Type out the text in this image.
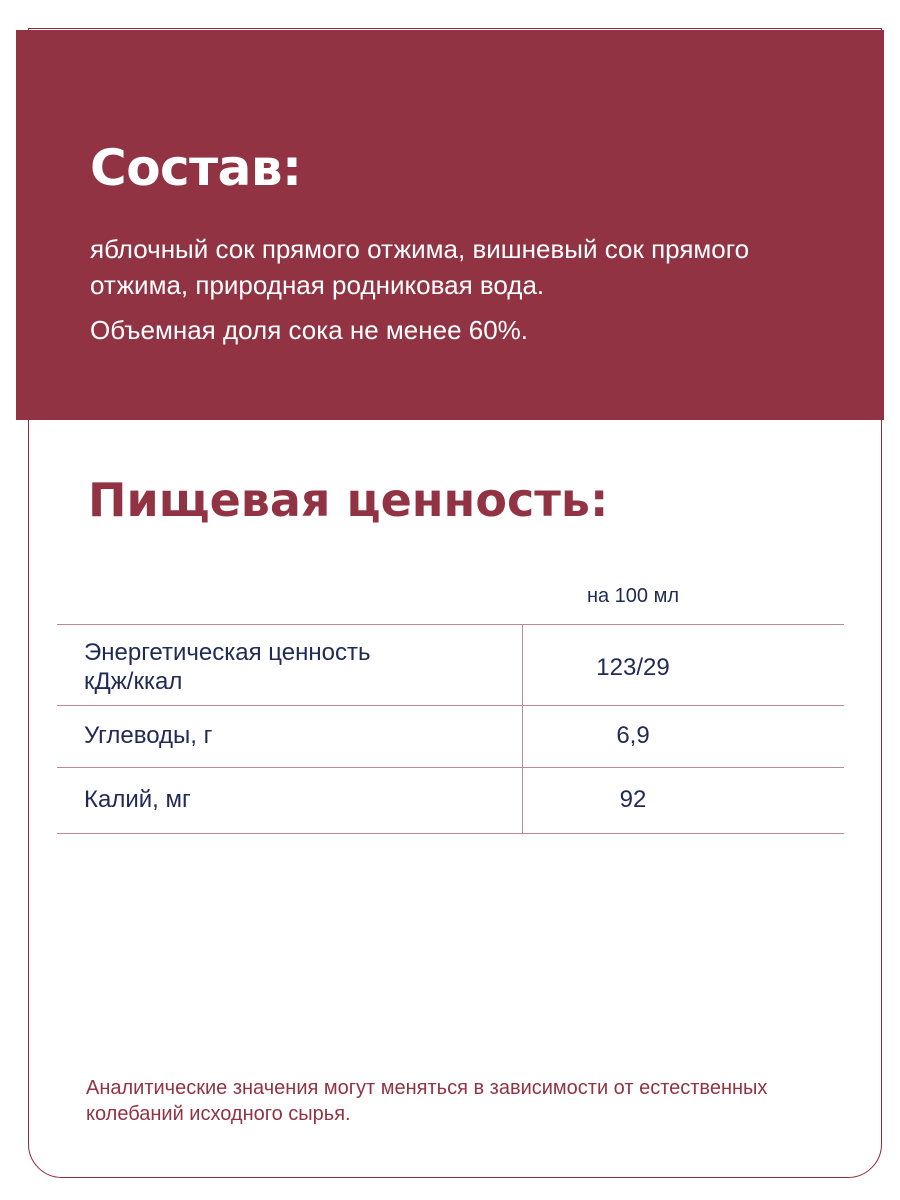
Состав:

яблочный сок прямого отжима, вишневый сок прямого отжима, природная родниковая вода.

Объемная доля сока не менее 60%.

Пищевая ценность:
на 100 мл
Энергетическая ценность
кДж/ккал
123/29
Углеводы, г	6,9
Калий, мг	92

Аналитические значения могут меняться в зависимости от естественных колебаний исходного сырья.
